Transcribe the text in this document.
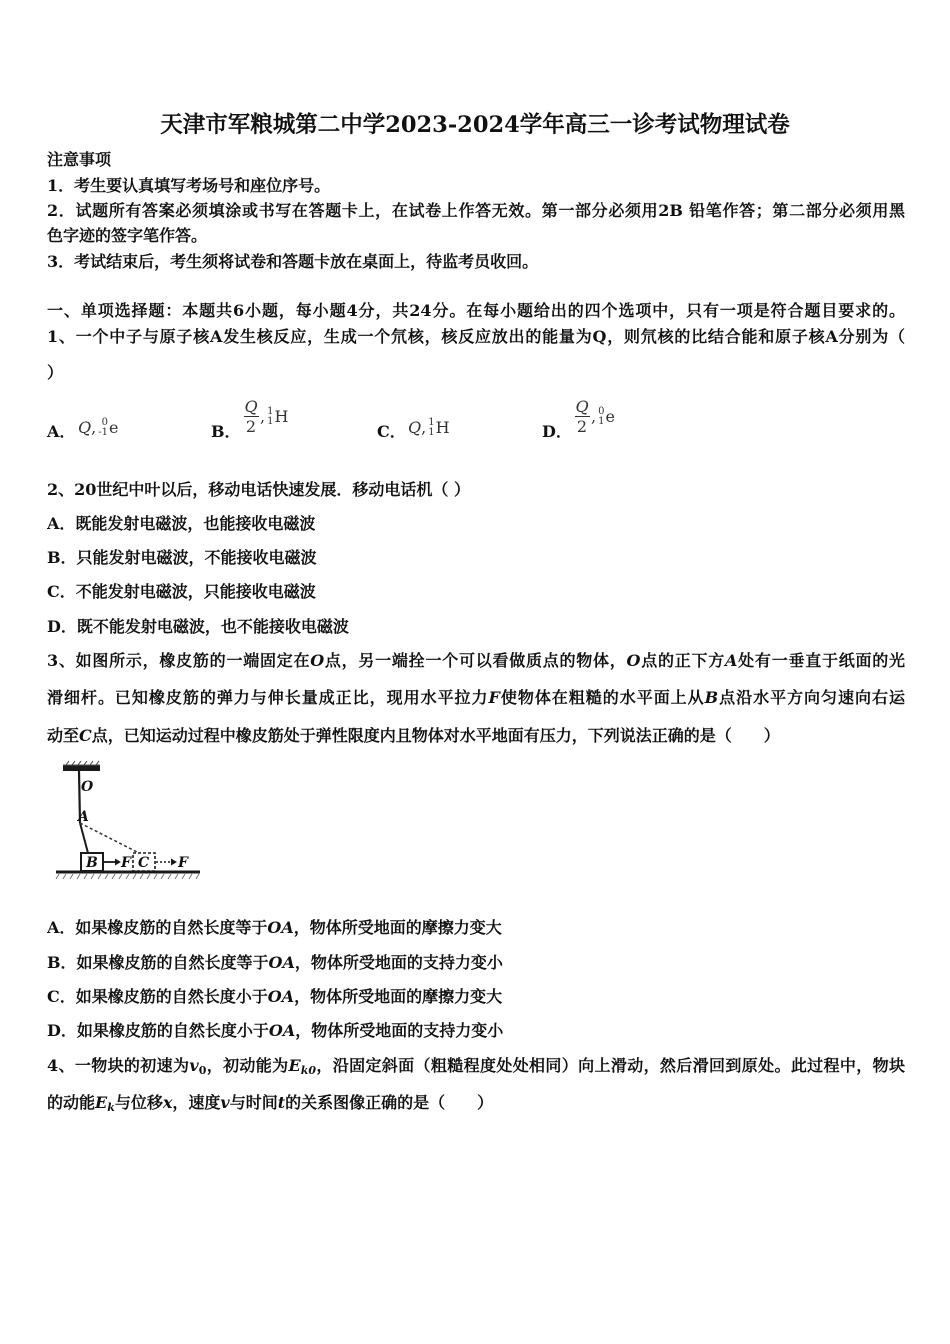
天津市军粮城第二中学2023-2024学年高三一诊考试物理试卷
注意事项
1．考生要认真填写考场号和座位序号。
2．试题所有答案必须填涂或书写在答题卡上，在试卷上作答无效。第一部分必须用2B 铅笔作答；第二部分必须用黑
色字迹的签字笔作答。
3．考试结束后，考生须将试卷和答题卡放在桌面上，待监考员收回。
一、单项选择题：本题共6小题，每小题4分，共24分。在每小题给出的四个选项中，只有一项是符合题目要求的。
1、一个中子与原子核A发生核反应，生成一个氘核，核反应放出的能量为Q，则氘核的比结合能和原子核A分别为（
）
A． Q , 0
-1 e	B．
Q
2
, 1
1 H
C． Q , 1
1 H	D．
Q
2
, 0
1 e
2、20世纪中叶以后，移动电话快速发展．移动电话机（ ）
A．既能发射电磁波，也能接收电磁波
B．只能发射电磁波，不能接收电磁波
C．不能发射电磁波，只能接收电磁波
D．既不能发射电磁波，也不能接收电磁波
3、如图所示，橡皮筋的一端固定在O点，另一端拴一个可以看做质点的物体，O点的正下方A处有一垂直于纸面的光
滑细杆。已知橡皮筋的弹力与伸长量成正比，现用水平拉力F使物体在粗糙的水平面上从B点沿水平方向匀速向右运
动至C点，已知运动过程中橡皮筋处于弹性限度内且物体对水平地面有压力，下列说法正确的是（　　）
B F C F
O
A
A．如果橡皮筋的自然长度等于OA，物体所受地面的摩擦力变大
B．如果橡皮筋的自然长度等于OA，物体所受地面的支持力变小
C．如果橡皮筋的自然长度小于OA，物体所受地面的摩擦力变大
D．如果橡皮筋的自然长度小于OA，物体所受地面的支持力变小
4、一物块的初速为v0，初动能为Ek0，沿固定斜面（粗糙程度处处相同）向上滑动，然后滑回到原处。此过程中，物块
的动能Ek与位移x，速度v与时间t的关系图像正确的是（　　）
